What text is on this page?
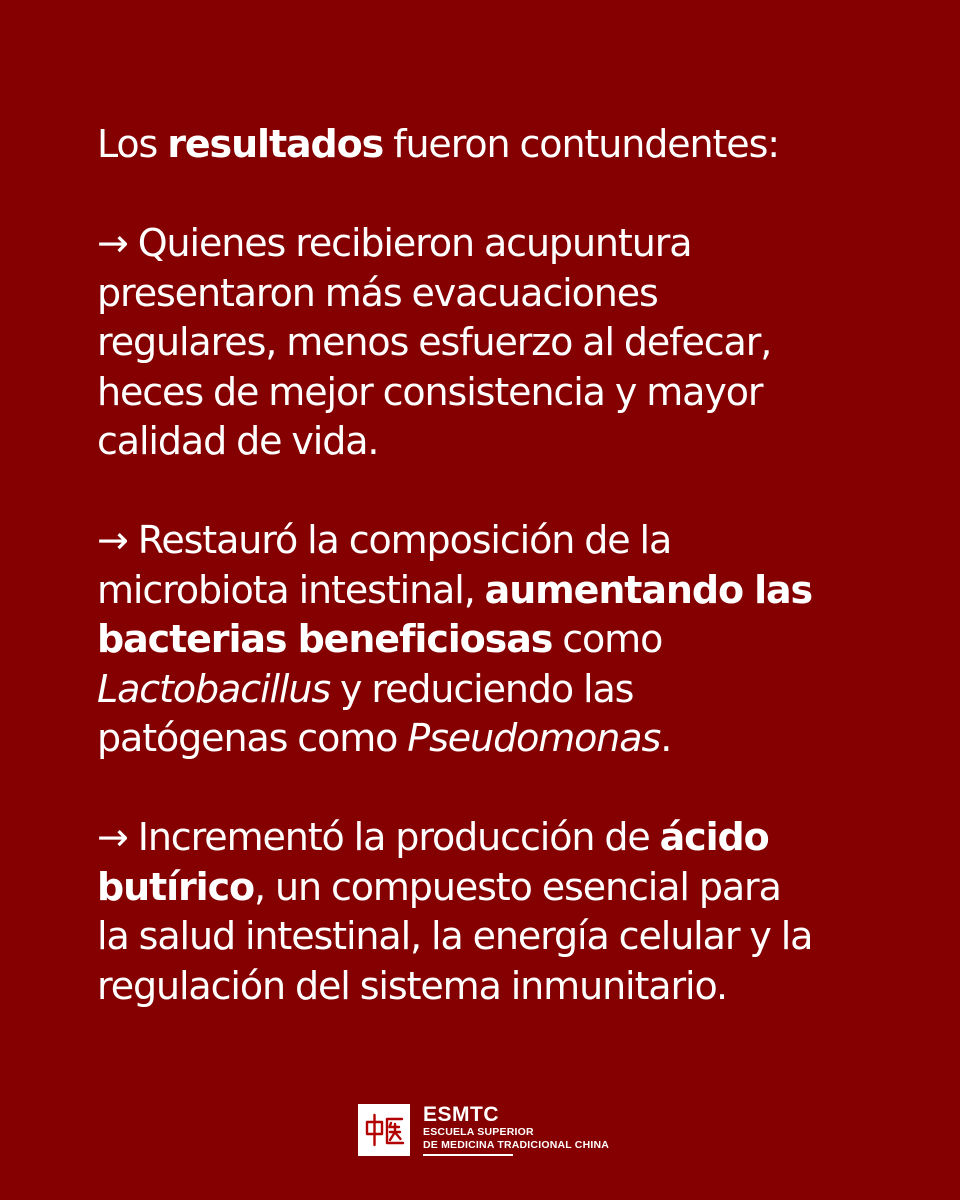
Los resultados fueron contundentes:

→ Quienes recibieron acupuntura
presentaron más evacuaciones
regulares, menos esfuerzo al defecar,
heces de mejor consistencia y mayor
calidad de vida.

→ Restauró la composición de la
microbiota intestinal, aumentando las
bacterias beneficiosas como
Lactobacillus y reduciendo las
patógenas como Pseudomonas.

→ Incrementó la producción de ácido
butírico, un compuesto esencial para
la salud intestinal, la energía celular y la
regulación del sistema inmunitario.

ESMTC
ESCUELA SUPERIOR
DE MEDICINA TRADICIONAL CHINA
